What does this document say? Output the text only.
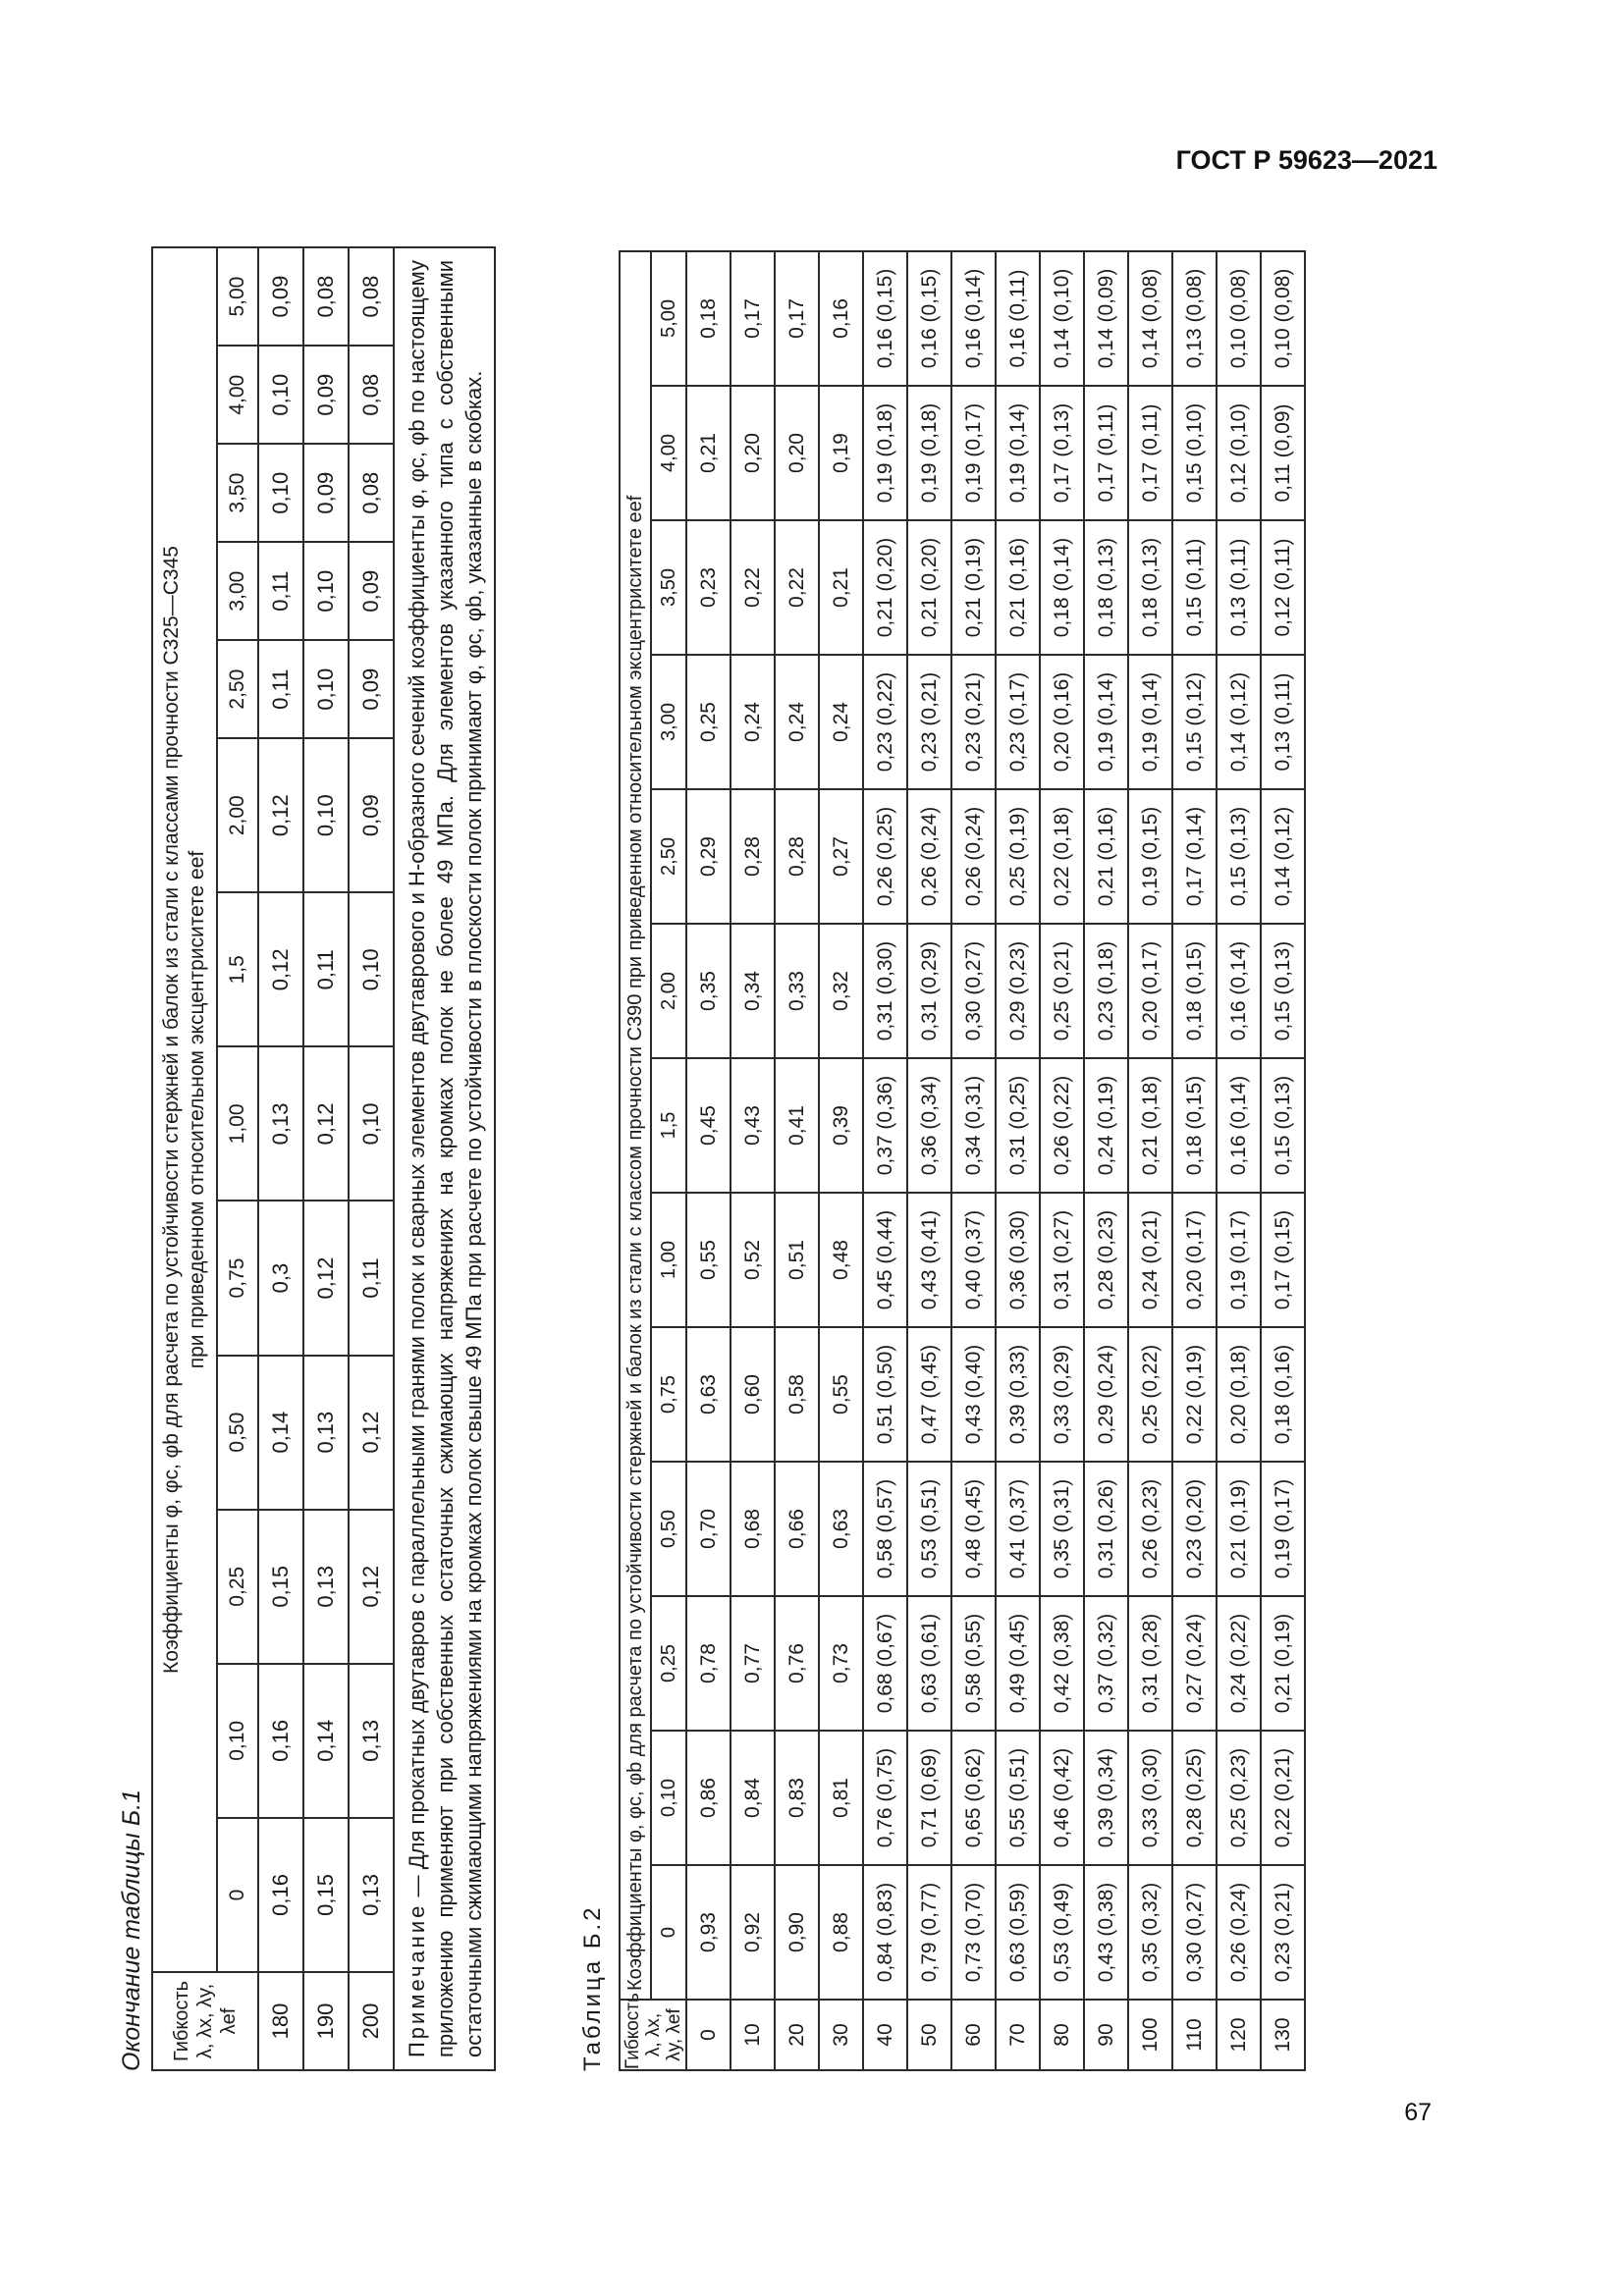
ГОСТ Р 59623—2021
67
Окончание таблицы Б.1 Гибкость λ, λx, λy, λef	Коэффициенты φ, φc, φb для расчета по устойчивости стержней и балок из стали с классами прочности С325—С345 при приведенном относительном эксцентриситете eef												

	0	0,10	0,25	0,50	0,75	1,00	1,5	2,00	2,50	3,00	3,50	4,00	5,00
180	0,16	0,16	0,15	0,14	0,3	0,13	0,12	0,12	0,11	0,11	0,10	0,10	0,09
190	0,15	0,14	0,13	0,13	0,12	0,12	0,11	0,10	0,10	0,10	0,09	0,09	0,08
200	0,13	0,13	0,12	0,12	0,11	0,10	0,10	0,09	0,09	0,09	0,08	0,08	0,08
Примечание — Для прокатных двутавров с параллельными гранями полок и сварных элементов двутаврового и Н-образного сечений коэффициенты φ, φc, φb по настоящему приложению применяют при собственных остаточных сжимающих напряжениях на кромках полок не более 49 МПа. Для элементов указанного типа с собственными остаточными сжимающими напряжениями на кромках полок свыше 49 МПа при расчете по устойчивости в плоскости полок принимают φ, φc, φb, указанные в скобках.	Таблица Б.2 Гибкость λ, λx, λy, λef	Коэффициенты φ, φc, φb для расчета по устойчивости стержней и балок из стали с классом прочности С390 при приведенном относительном эксцентриситете eef												
	0	0,10	0,25	0,50	0,75	1,00	1,5	2,00	2,50	3,00	3,50	4,00	5,00
0	0,93	0,86	0,78	0,70	0,63	0,55	0,45	0,35	0,29	0,25	0,23	0,21	0,18
10	0,92	0,84	0,77	0,68	0,60	0,52	0,43	0,34	0,28	0,24	0,22	0,20	0,17
20	0,90	0,83	0,76	0,66	0,58	0,51	0,41	0,33	0,28	0,24	0,22	0,20	0,17
30	0,88	0,81	0,73	0,63	0,55	0,48	0,39	0,32	0,27	0,24	0,21	0,19	0,16
40	0,84 (0,83)	0,76 (0,75)	0,68 (0,67)	0,58 (0,57)	0,51 (0,50)	0,45 (0,44)	0,37 (0,36)	0,31 (0,30)	0,26 (0,25)	0,23 (0,22)	0,21 (0,20)	0,19 (0,18)	0,16 (0,15)
50	0,79 (0,77)	0,71 (0,69)	0,63 (0,61)	0,53 (0,51)	0,47 (0,45)	0,43 (0,41)	0,36 (0,34)	0,31 (0,29)	0,26 (0,24)	0,23 (0,21)	0,21 (0,20)	0,19 (0,18)	0,16 (0,15)
60	0,73 (0,70)	0,65 (0,62)	0,58 (0,55)	0,48 (0,45)	0,43 (0,40)	0,40 (0,37)	0,34 (0,31)	0,30 (0,27)	0,26 (0,24)	0,23 (0,21)	0,21 (0,19)	0,19 (0,17)	0,16 (0,14)
70	0,63 (0,59)	0,55 (0,51)	0,49 (0,45)	0,41 (0,37)	0,39 (0,33)	0,36 (0,30)	0,31 (0,25)	0,29 (0,23)	0,25 (0,19)	0,23 (0,17)	0,21 (0,16)	0,19 (0,14)	0,16 (0,11)
80	0,53 (0,49)	0,46 (0,42)	0,42 (0,38)	0,35 (0,31)	0,33 (0,29)	0,31 (0,27)	0,26 (0,22)	0,25 (0,21)	0,22 (0,18)	0,20 (0,16)	0,18 (0,14)	0,17 (0,13)	0,14 (0,10)
90	0,43 (0,38)	0,39 (0,34)	0,37 (0,32)	0,31 (0,26)	0,29 (0,24)	0,28 (0,23)	0,24 (0,19)	0,23 (0,18)	0,21 (0,16)	0,19 (0,14)	0,18 (0,13)	0,17 (0,11)	0,14 (0,09)
100	0,35 (0,32)	0,33 (0,30)	0,31 (0,28)	0,26 (0,23)	0,25 (0,22)	0,24 (0,21)	0,21 (0,18)	0,20 (0,17)	0,19 (0,15)	0,19 (0,14)	0,18 (0,13)	0,17 (0,11)	0,14 (0,08)
110	0,30 (0,27)	0,28 (0,25)	0,27 (0,24)	0,23 (0,20)	0,22 (0,19)	0,20 (0,17)	0,18 (0,15)	0,18 (0,15)	0,17 (0,14)	0,15 (0,12)	0,15 (0,11)	0,15 (0,10)	0,13 (0,08)
120	0,26 (0,24)	0,25 (0,23)	0,24 (0,22)	0,21 (0,19)	0,20 (0,18)	0,19 (0,17)	0,16 (0,14)	0,16 (0,14)	0,15 (0,13)	0,14 (0,12)	0,13 (0,11)	0,12 (0,10)	0,10 (0,08)
130	0,23 (0,21)	0,22 (0,21)	0,21 (0,19)	0,19 (0,17)	0,18 (0,16)	0,17 (0,15)	0,15 (0,13)	0,15 (0,13)	0,14 (0,12)	0,13 (0,11)	0,12 (0,11)	0,11 (0,09)	0,10 (0,08)
